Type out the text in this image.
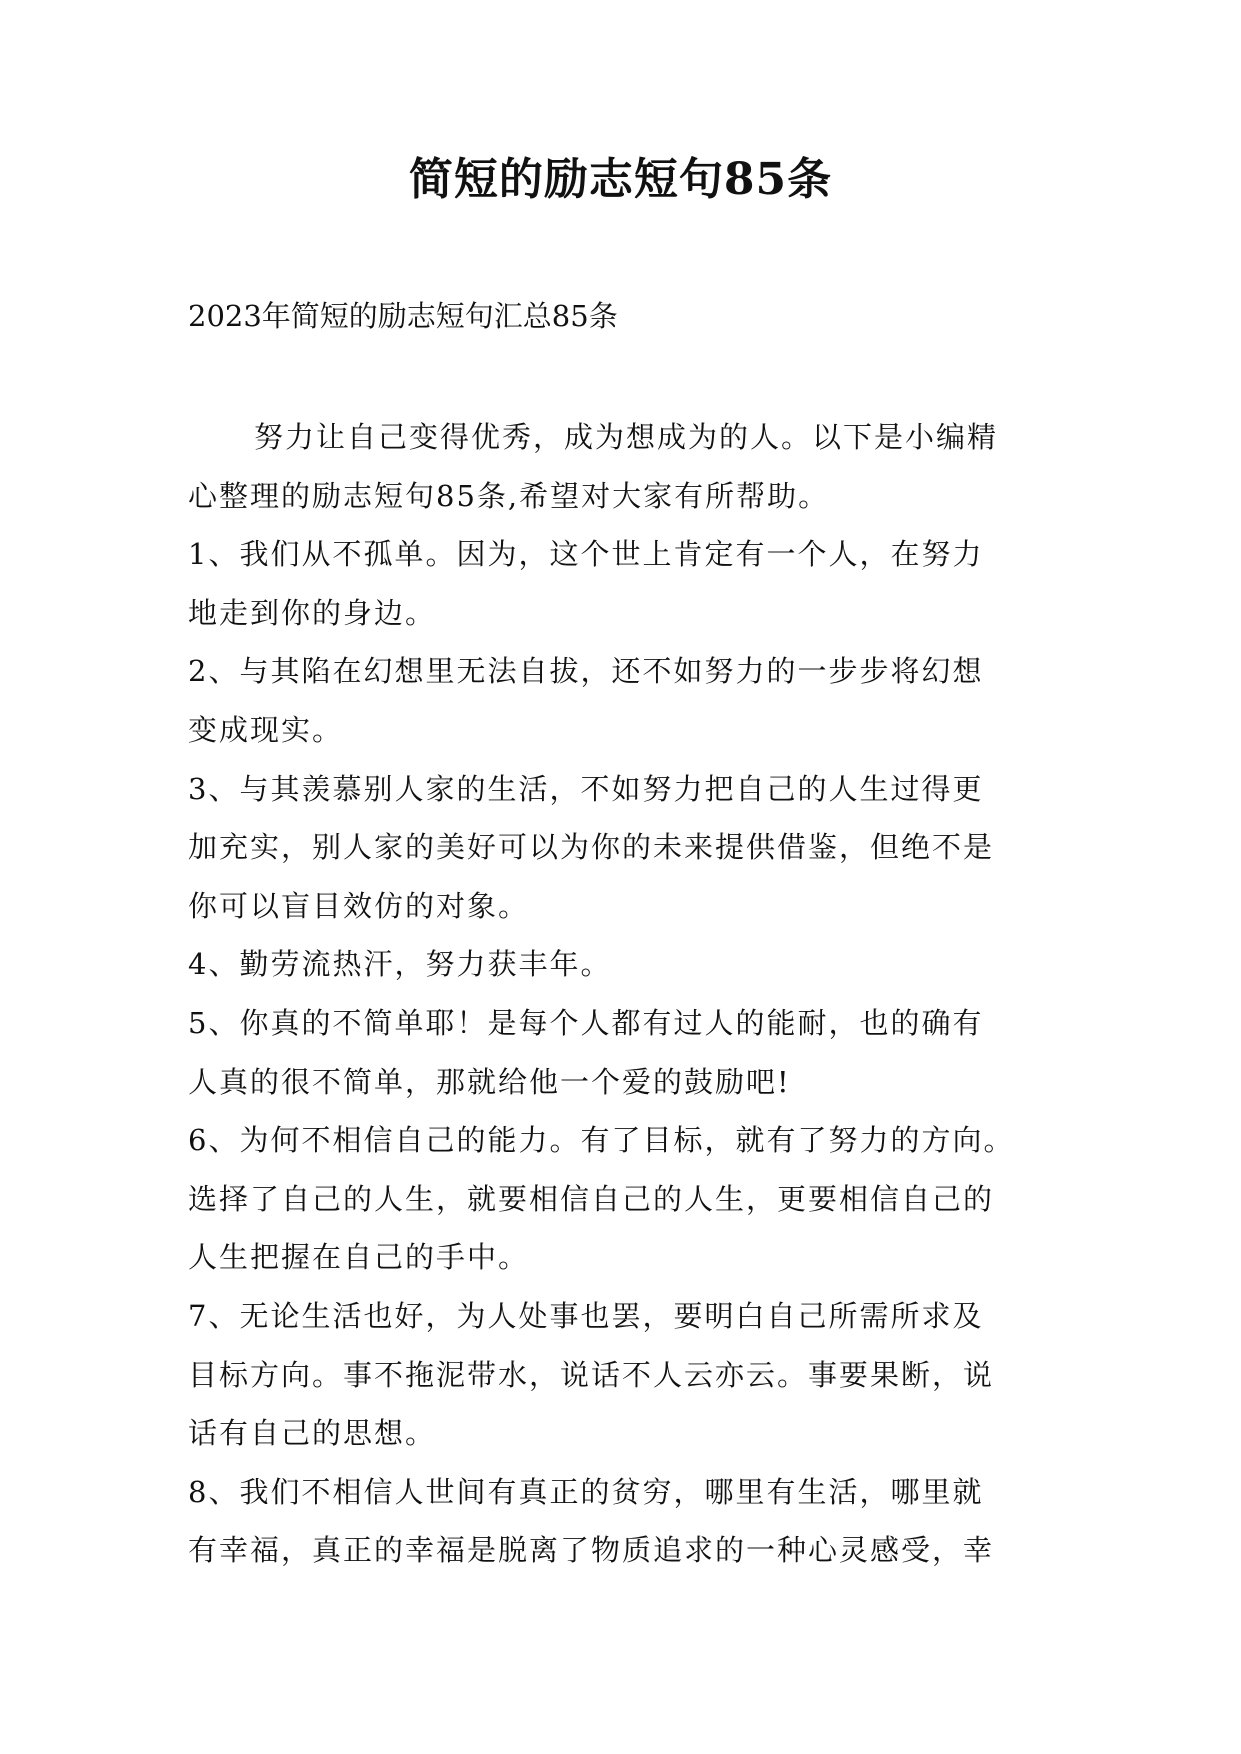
简短的励志短句85条
2023年简短的励志短句汇总85条
努力让自己变得优秀，成为想成为的人。以下是小编精
心整理的励志短句85条,希望对大家有所帮助。
1、我们从不孤单。因为，这个世上肯定有一个人，在努力
地走到你的身边。
2、与其陷在幻想里无法自拔，还不如努力的一步步将幻想
变成现实。
3、与其羡慕别人家的生活，不如努力把自己的人生过得更
加充实，别人家的美好可以为你的未来提供借鉴，但绝不是
你可以盲目效仿的对象。
4、勤劳流热汗，努力获丰年。
5、你真的不简单耶！是每个人都有过人的能耐，也的确有
人真的很不简单，那就给他一个爱的鼓励吧!
6、为何不相信自己的能力。有了目标，就有了努力的方向。
选择了自己的人生，就要相信自己的人生，更要相信自己的
人生把握在自己的手中。
7、无论生活也好，为人处事也罢，要明白自己所需所求及
目标方向。事不拖泥带水，说话不人云亦云。事要果断，说
话有自己的思想。
8、我们不相信人世间有真正的贫穷，哪里有生活，哪里就
有幸福，真正的幸福是脱离了物质追求的一种心灵感受，幸
